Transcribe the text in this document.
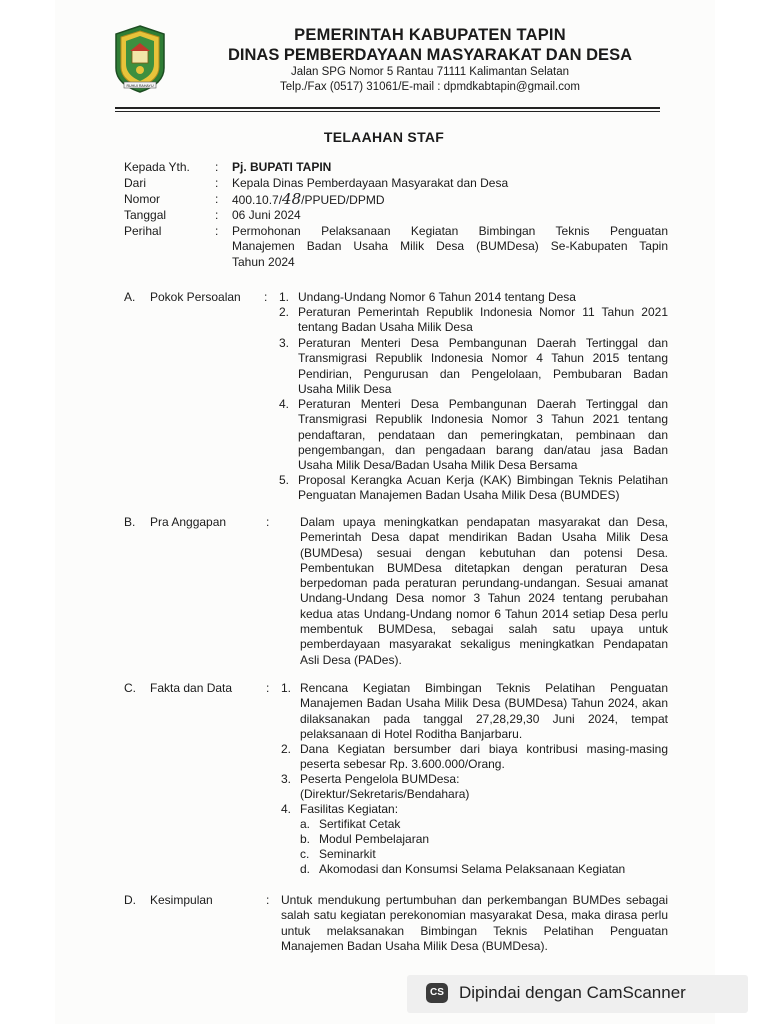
RUHUI RAHAYU
PEMERINTAH KABUPATEN TAPIN
DINAS PEMBERDAYAAN MASYARAKAT DAN DESA
Jalan SPG Nomor 5 Rantau 71111 Kalimantan Selatan
Telp./Fax (0517) 31061/E-mail : dpmdkabtapin@gmail.com
TELAAHAN STAF
Kepada Yth. : Pj. BUPATI TAPIN
Dari	: Kepala Dinas Pemberdayaan Masyarakat dan Desa
Nomor	: 400.10.7/48/PPUED/DPMD
Tanggal	: 06 Juni 2024
Perihal	: Permohonan Pelaksanaan Kegiatan Bimbingan Teknis Penguatan
Manajemen Badan Usaha Milik Desa (BUMDesa) Se-Kabupaten Tapin
Tahun 2024
A. Pokok Persoalan : 1. Undang-Undang Nomor 6 Tahun 2014 tentang Desa
2. Peraturan Pemerintah Republik Indonesia Nomor 11 Tahun 2021
tentang Badan Usaha Milik Desa
3. Peraturan Menteri Desa Pembangunan Daerah Tertinggal dan
Transmigrasi Republik Indonesia Nomor 4 Tahun 2015 tentang
Pendirian, Pengurusan dan Pengelolaan, Pembubaran Badan
Usaha Milik Desa
4. Peraturan Menteri Desa Pembangunan Daerah Tertinggal dan
Transmigrasi Republik Indonesia Nomor 3 Tahun 2021 tentang
pendaftaran, pendataan dan pemeringkatan, pembinaan dan
pengembangan, dan pengadaan barang dan/atau jasa Badan
Usaha Milik Desa/Badan Usaha Milik Desa Bersama
5. Proposal Kerangka Acuan Kerja (KAK) Bimbingan Teknis Pelatihan
Penguatan Manajemen Badan Usaha Milik Desa (BUMDES)
B. Pra Anggapan	:	Dalam upaya meningkatkan pendapatan masyarakat dan Desa,
Pemerintah Desa dapat mendirikan Badan Usaha Milik Desa
(BUMDesa) sesuai dengan kebutuhan dan potensi Desa.
Pembentukan BUMDesa ditetapkan dengan peraturan Desa
berpedoman pada peraturan perundang-undangan. Sesuai amanat
Undang-Undang Desa nomor 3 Tahun 2024 tentang perubahan
kedua atas Undang-Undang nomor 6 Tahun 2014 setiap Desa perlu
membentuk BUMDesa, sebagai salah satu upaya untuk
pemberdayaan masyarakat sekaligus meningkatkan Pendapatan
Asli Desa (PADes).
C. Fakta dan Data	: 1. Rencana Kegiatan Bimbingan Teknis Pelatihan Penguatan
Manajemen Badan Usaha Milik Desa (BUMDesa) Tahun 2024, akan
dilaksanakan pada tanggal 27,28,29,30 Juni 2024, tempat
pelaksanaan di Hotel Roditha Banjarbaru.
2. Dana Kegiatan bersumber dari biaya kontribusi masing-masing
peserta sebesar Rp. 3.600.000/Orang.
3. Peserta Pengelola BUMDesa:
(Direktur/Sekretaris/Bendahara)
4. Fasilitas Kegiatan:
a. Sertifikat Cetak
b. Modul Pembelajaran
c. Seminarkit
d. Akomodasi dan Konsumsi Selama Pelaksanaan Kegiatan
D. Kesimpulan	: Untuk mendukung pertumbuhan dan perkembangan BUMDes sebagai
salah satu kegiatan perekonomian masyarakat Desa, maka dirasa perlu
untuk melaksanakan Bimbingan Teknis Pelatihan Penguatan
Manajemen Badan Usaha Milik Desa (BUMDesa).
CS Dipindai dengan CamScanner
